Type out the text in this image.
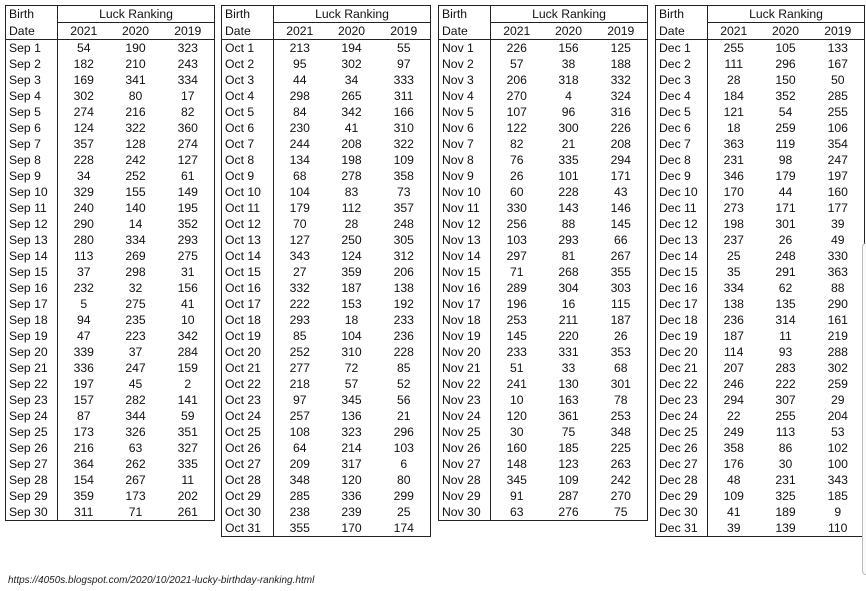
Birth	Luck Ranking		
Date	2021	2020	2019
Sep 1	54	190	323
Sep 2	182	210	243
Sep 3	169	341	334
Sep 4	302	80	17
Sep 5	274	216	82
Sep 6	124	322	360
Sep 7	357	128	274
Sep 8	228	242	127
Sep 9	34	252	61
Sep 10	329	155	149
Sep 11	240	140	195
Sep 12	290	14	352
Sep 13	280	334	293
Sep 14	113	269	275
Sep 15	37	298	31
Sep 16	232	32	156
Sep 17	5	275	41
Sep 18	94	235	10
Sep 19	47	223	342
Sep 20	339	37	284
Sep 21	336	247	159
Sep 22	197	45	2
Sep 23	157	282	141
Sep 24	87	344	59
Sep 25	173	326	351
Sep 26	216	63	327
Sep 27	364	262	335
Sep 28	154	267	11
Sep 29	359	173	202
Sep 30	311	71	261
Birth	Luck Ranking		
Date	2021	2020	2019
Oct 1	213	194	55
Oct 2	95	302	97
Oct 3	44	34	333
Oct 4	298	265	311
Oct 5	84	342	166
Oct 6	230	41	310
Oct 7	244	208	322
Oct 8	134	198	109
Oct 9	68	278	358
Oct 10	104	83	73
Oct 11	179	112	357
Oct 12	70	28	248
Oct 13	127	250	305
Oct 14	343	124	312
Oct 15	27	359	206
Oct 16	332	187	138
Oct 17	222	153	192
Oct 18	293	18	233
Oct 19	85	104	236
Oct 20	252	310	228
Oct 21	277	72	85
Oct 22	218	57	52
Oct 23	97	345	56
Oct 24	257	136	21
Oct 25	108	323	296
Oct 26	64	214	103
Oct 27	209	317	6
Oct 28	348	120	80
Oct 29	285	336	299
Oct 30	238	239	25
Oct 31	355	170	174
Birth	Luck Ranking		
Date	2021	2020	2019
Nov 1	226	156	125
Nov 2	57	38	188
Nov 3	206	318	332
Nov 4	270	4	324
Nov 5	107	96	316
Nov 6	122	300	226
Nov 7	82	21	208
Nov 8	76	335	294
Nov 9	26	101	171
Nov 10	60	228	43
Nov 11	330	143	146
Nov 12	256	88	145
Nov 13	103	293	66
Nov 14	297	81	267
Nov 15	71	268	355
Nov 16	289	304	303
Nov 17	196	16	115
Nov 18	253	211	187
Nov 19	145	220	26
Nov 20	233	331	353
Nov 21	51	33	68
Nov 22	241	130	301
Nov 23	10	163	78
Nov 24	120	361	253
Nov 25	30	75	348
Nov 26	160	185	225
Nov 27	148	123	263
Nov 28	345	109	242
Nov 29	91	287	270
Nov 30	63	276	75
Birth	Luck Ranking		
Date	2021	2020	2019
Dec 1	255	105	133
Dec 2	111	296	167
Dec 3	28	150	50
Dec 4	184	352	285
Dec 5	121	54	255
Dec 6	18	259	106
Dec 7	363	119	354
Dec 8	231	98	247
Dec 9	346	179	197
Dec 10	170	44	160
Dec 11	273	171	177
Dec 12	198	301	39
Dec 13	237	26	49
Dec 14	25	248	330
Dec 15	35	291	363
Dec 16	334	62	88
Dec 17	138	135	290
Dec 18	236	314	161
Dec 19	187	11	219
Dec 20	114	93	288
Dec 21	207	283	302
Dec 22	246	222	259
Dec 23	294	307	29
Dec 24	22	255	204
Dec 25	249	113	53
Dec 26	358	86	102
Dec 27	176	30	100
Dec 28	48	231	343
Dec 29	109	325	185
Dec 30	41	189	9
Dec 31	39	139	110
https://4050s.blogspot.com/2020/10/2021-lucky-birthday-ranking.html
